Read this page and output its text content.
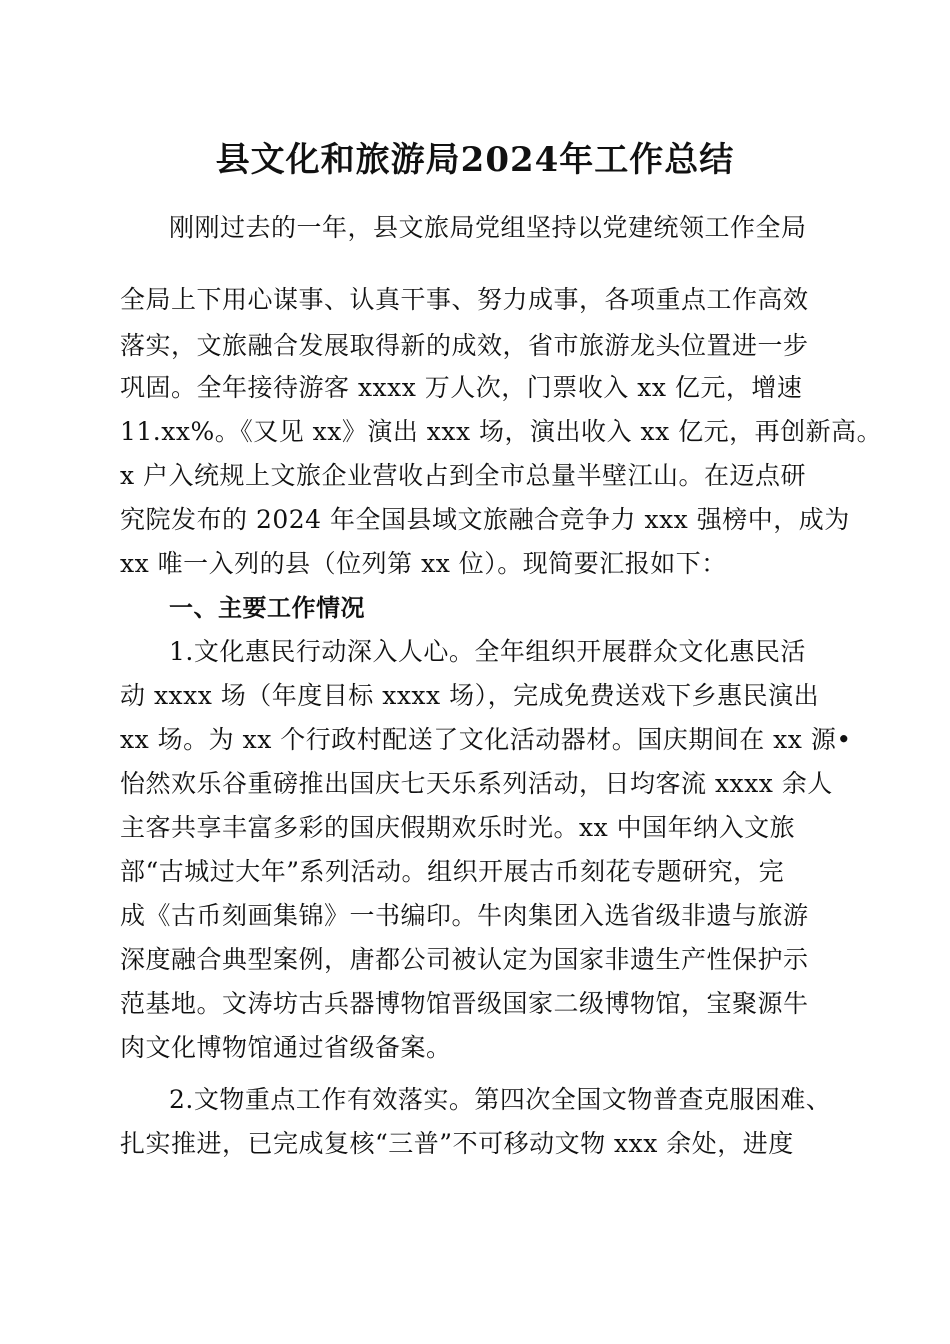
县文化和旅游局2024年工作总结
刚刚过去的一年，县文旅局党组坚持以党建统领工作全局
全局上下用心谋事、认真干事、努力成事，各项重点工作高效
落实，文旅融合发展取得新的成效，省市旅游龙头位置进一步
巩固。全年接待游客 xxxx 万人次，门票收入 xx 亿元，增速
11.xx%。《又见 xx》演出 xxx 场，演出收入 xx 亿元，再创新高。
x 户入统规上文旅企业营收占到全市总量半壁江山。在迈点研
究院发布的 2024 年全国县域文旅融合竞争力 xxx 强榜中，成为
xx 唯一入列的县（位列第 xx 位）。现简要汇报如下：
一、主要工作情况
1.文化惠民行动深入人心。全年组织开展群众文化惠民活
动 xxxx 场（年度目标 xxxx 场），完成免费送戏下乡惠民演出
xx 场。为 xx 个行政村配送了文化活动器材。国庆期间在 xx 源•
怡然欢乐谷重磅推出国庆七天乐系列活动，日均客流 xxxx 余人
主客共享丰富多彩的国庆假期欢乐时光。xx 中国年纳入文旅
部“古城过大年”系列活动。组织开展古币刻花专题研究，完
成《古币刻画集锦》一书编印。牛肉集团入选省级非遗与旅游
深度融合典型案例，唐都公司被认定为国家非遗生产性保护示
范基地。文涛坊古兵器博物馆晋级国家二级博物馆，宝聚源牛
肉文化博物馆通过省级备案。
2.文物重点工作有效落实。第四次全国文物普查克服困难、
扎实推进，已完成复核“三普”不可移动文物 xxx 余处，进度
